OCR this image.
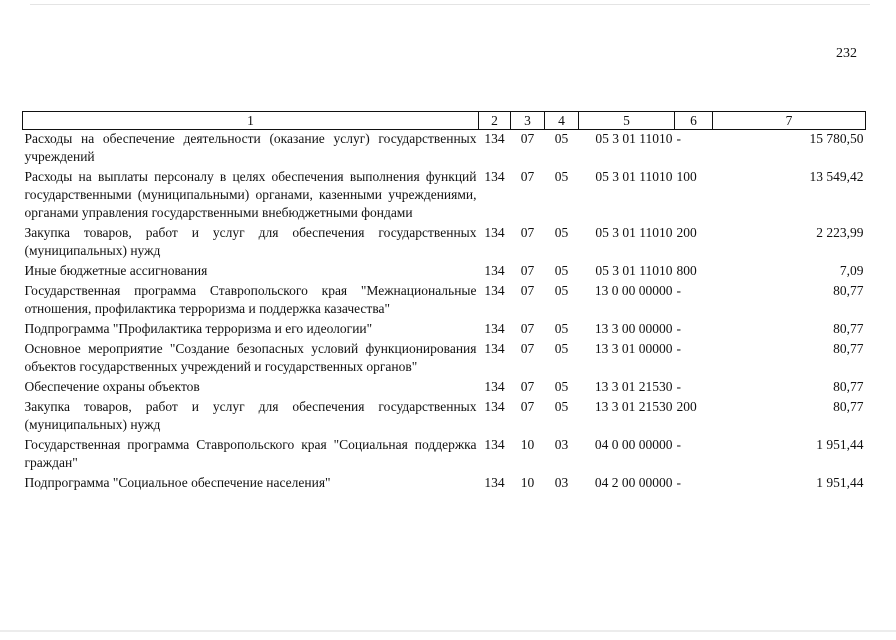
232
1	2	3	4	5	6	7
Расходы на обеспечение деятельности (оказание услуг) государственных учреждений	134	07	05	05 3 01 11010	-	15 780,50
Расходы на выплаты персоналу в целях обеспечения выполнения функций государственными (муниципальными) органами, казенными учреждениями, органами управления государственными внебюджетными фондами	134	07	05	05 3 01 11010	100	13 549,42
Закупка товаров, работ и услуг для обеспечения государственных (муниципальных) нужд	134	07	05	05 3 01 11010	200	2 223,99
Иные бюджетные ассигнования	134	07	05	05 3 01 11010	800	7,09
Государственная программа Ставропольского края "Межнациональные отношения, профилактика терроризма и поддержка казачества"	134	07	05	13 0 00 00000	-	80,77
Подпрограмма "Профилактика терроризма и его идеологии"	134	07	05	13 3 00 00000	-	80,77
Основное мероприятие "Создание безопасных условий функционирования объектов государственных учреждений и государственных органов"	134	07	05	13 3 01 00000	-	80,77
Обеспечение охраны объектов	134	07	05	13 3 01 21530	-	80,77
Закупка товаров, работ и услуг для обеспечения государственных (муниципальных) нужд	134	07	05	13 3 01 21530	200	80,77
Государственная программа Ставропольского края "Социальная поддержка граждан"	134	10	03	04 0 00 00000	-	1 951,44
Подпрограмма "Социальное обеспечение населения"	134	10	03	04 2 00 00000	-	1 951,44
